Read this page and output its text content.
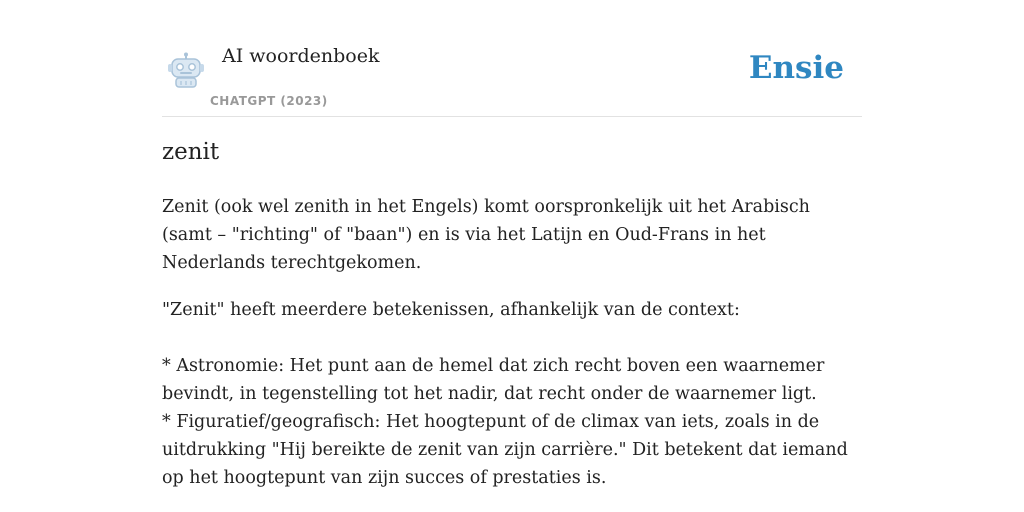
AI woordenboek
CHATGPT (2023)
Ensie
zenit

Zenit (ook wel zenith in het Engels) komt oorspronkelijk uit het Arabisch (samt – "richting" of "baan") en is via het Latijn en Oud-Frans in het Nederlands terechtgekomen.

"Zenit" heeft meerdere betekenissen, afhankelijk van de context:

* Astronomie: Het punt aan de hemel dat zich recht boven een waarnemer bevindt, in tegenstelling tot het nadir, dat recht onder de waarnemer ligt.

* Figuratief/geografisch: Het hoogtepunt of de climax van iets, zoals in de uitdrukking "Hij bereikte de zenit van zijn carrière." Dit betekent dat iemand op het hoogtepunt van zijn succes of prestaties is.
